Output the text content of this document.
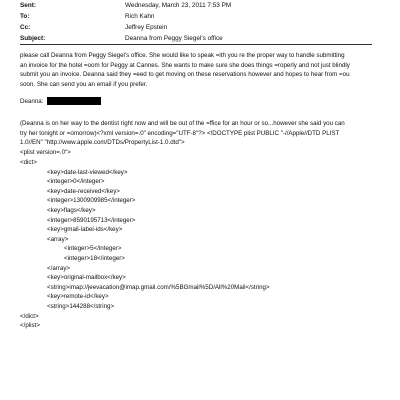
Sent:	Wednesday, March 23, 2011 7:53 PM
To:	Rich Kahn
Cc:	Jeffrey Epstein
Subject:	Deanna from Peggy Siegel's office
please call Deanna from Peggy Siegel's office. She would like to speak =ith you re the proper way to handle submitting
an invoice for the hotel =oom for Peggy at Cannes. She wants to make sure she does things =roperly and not just blindly
submit you an invoice. Deanna said they =eed to get moving on these reservations however and hopes to hear from =ou
soon. She can send you an email if you prefer.
Deanna:
(Deanna is on her way to the dentist right now and will be out of the =ffice for an hour or so...however she said you can
try her tonight or =omorrow)<?xml version=.0" encoding="UTF-8"?> <!DOCTYPE plist PUBLIC "-//Apple//DTD PLIST
1.0//EN" "http://www.apple.com/DTDs/PropertyList-1.0.dtd">
<plist version=.0">
<dict>
<key>date-last-viewed</key>
<integer>0</integer>
<key>date-received</key>
<integer>1300909985</integer>
<key>flags</key>
<integer>8590195713</integer>
<key>gmail-label-ids</key>
<array>
<integer>5</integer>
<integer>18</integer>
</array>
<key>original-mailbox</key>
<string>imap://jeevacation@imap.gmail.com/%5BGmail%5D/All%20Mail</string>
<key>remote-id</key>
<string>144288</string>
</dict>
</plist>
